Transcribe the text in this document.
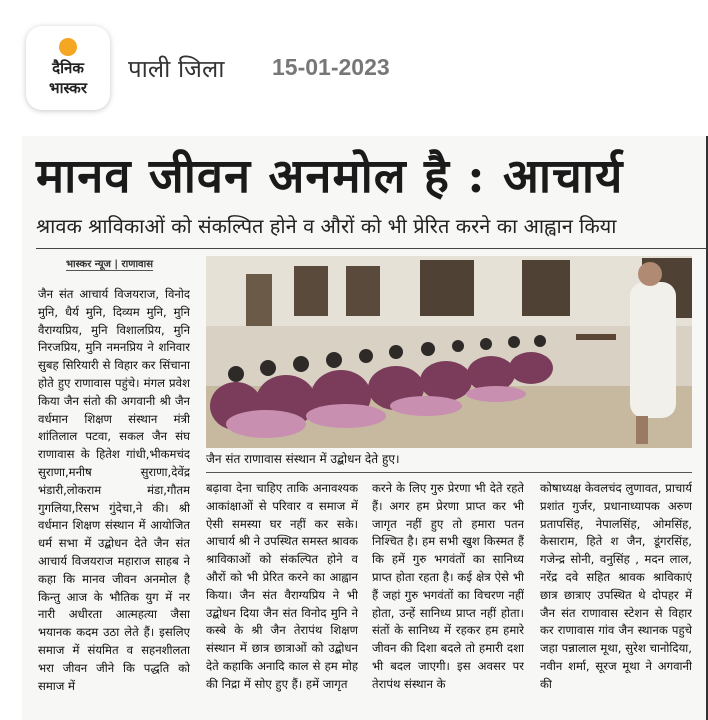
दैनिक
भास्कर
पाली जिला 15-01-2023
मानव जीवन अनमोल है : आचार्य
श्रावक श्राविकाओं को संकल्पित होने व औरों को भी प्रेरित करने का आह्वान किया
भास्कर न्यूज | राणावास
जैन संत राणावास संस्थान में उद्बोधन देते हुए।

जैन संत आचार्य विजयराज, विनोद मुनि, धैर्य मुनि, दिव्यम मुनि, मुनि वैराग्यप्रिय, मुनि विशालप्रिय, मुनि निरजप्रिय, मुनि नमनप्रिय ने शनिवार सुबह सिरियारी से विहार कर सिंचाना होते हुए राणावास पहुंचे। मंगल प्रवेश किया जैन संतो की अगवानी श्री जैन वर्धमान शिक्षण संस्थान मंत्री शांतिलाल पटवा, सकल जैन संघ राणावास के हितेश गांधी,भीकमचंद सुराणा,मनीष सुराणा,देवेंद्र भंडारी,लोकराम मंडा,गौतम गुगलिया,रिसभ गुंदेचा,ने की। श्री वर्धमान शिक्षण संस्थान में आयोजित धर्म सभा में उद्बोधन देते जैन संत आचार्य विजयराज महाराज साहब ने कहा कि मानव जीवन अनमोल है किन्तु आज के भौतिक युग में नर नारी अधीरता आत्महत्या जैसा भयानक कदम उठा लेते हैं। इसलिए समाज में संयमित व सहनशीलता भरा जीवन जीने कि पद्धति को समाज में

बढ़ावा देना चाहिए ताकि अनावश्यक आकांक्षाओं से परिवार व समाज में ऐसी समस्या घर नहीं कर सके। आचार्य श्री ने उपस्थित समस्त श्रावक श्राविकाओं को संकल्पित होने व औरों को भी प्रेरित करने का आह्वान किया। जैन संत वैराग्यप्रिय ने भी उद्बोधन दिया जैन संत विनोद मुनि ने कस्बे के श्री जैन तेरापंथ शिक्षण संस्थान में छात्र छात्राओं को उद्बोधन देते कहाकि अनादि काल से हम मोह की निद्रा में सोए हुए हैं। हमें जागृत

करने के लिए गुरु प्रेरणा भी देते रहते हैं। अगर हम प्रेरणा प्राप्त कर भी जागृत नहीं हुए तो हमारा पतन निश्चित है। हम सभी खुश किस्मत हैं कि हमें गुरु भगवंतों का सानिध्य प्राप्त होता रहता है। कई क्षेत्र ऐसे भी हैं जहां गुरु भगवंतों का विचरण नहीं होता, उन्हें सानिध्य प्राप्त नहीं होता। संतों के सानिध्य में रहकर हम हमारे जीवन की दिशा बदले तो हमारी दशा भी बदल जाएगी। इस अवसर पर तेरापंथ संस्थान के

कोषाध्यक्ष केवलचंद लुणावत, प्राचार्य प्रशांत गुर्जर, प्रधानाध्यापक अरुण प्रतापसिंह, नेपालसिंह, ओमसिंह, केसाराम, हिते श जैन, डूंगरसिंह, गजेन्द्र सोनी, वनुसिंह , मदन लाल, नरेंद्र दवे सहित श्रावक श्राविकाएं छात्र छात्राए उपस्थित थे दोपहर में जैन संत राणावास स्टेशन से विहार कर राणावास गांव जैन स्थानक पहुचे जहा पन्नालाल मूथा, सुरेश चानोदिया, नवीन शर्मा, सूरज मूथा ने अगवानी की
